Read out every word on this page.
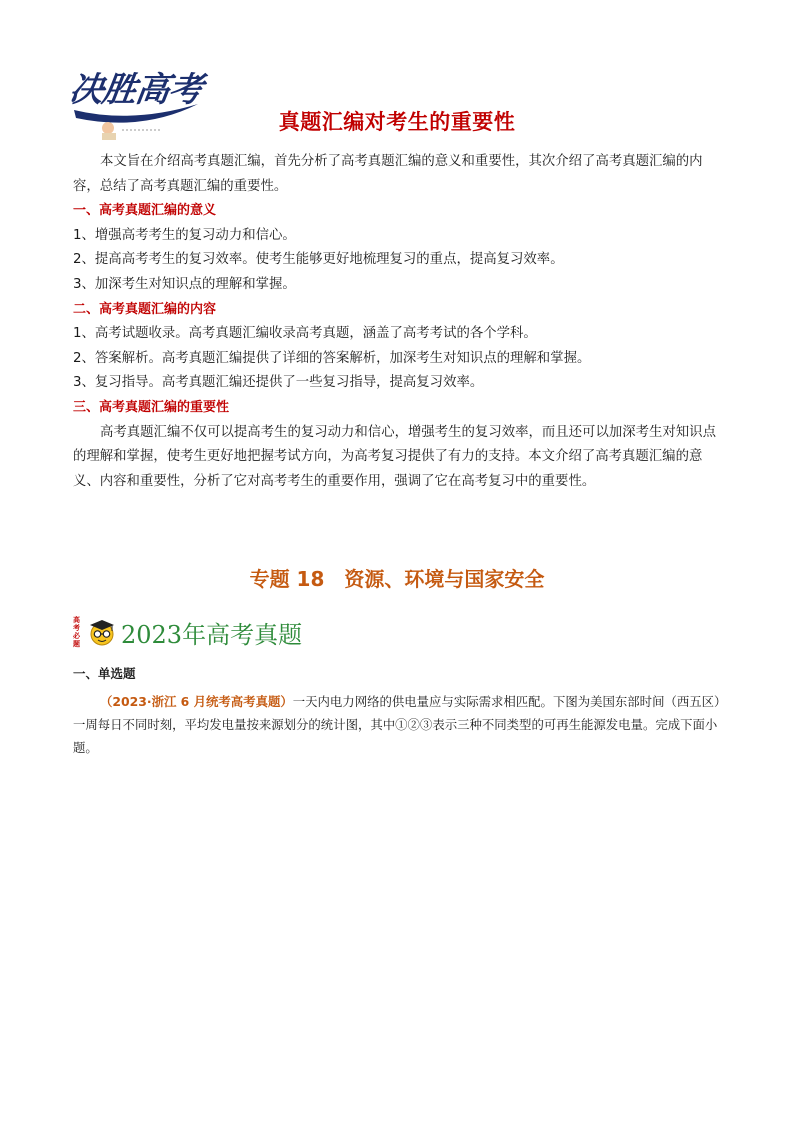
决胜高考
真题汇编对考生的重要性

本文旨在介绍高考真题汇编，首先分析了高考真题汇编的意义和重要性，其次介绍了高考真题汇编的内容，总结了高考真题汇编的重要性。

一、高考真题汇编的意义

1、增强高考考生的复习动力和信心。

2、提高高考考生的复习效率。使考生能够更好地梳理复习的重点，提高复习效率。

3、加深考生对知识点的理解和掌握。

二、高考真题汇编的内容

1、高考试题收录。高考真题汇编收录高考真题，涵盖了高考考试的各个学科。

2、答案解析。高考真题汇编提供了详细的答案解析，加深考生对知识点的理解和掌握。

3、复习指导。高考真题汇编还提供了一些复习指导，提高复习效率。

三、高考真题汇编的重要性

高考真题汇编不仅可以提高考生的复习动力和信心，增强考生的复习效率，而且还可以加深考生对知识点的理解和掌握，使考生更好地把握考试方向，为高考复习提供了有力的支持。本文介绍了高考真题汇编的意义、内容和重要性，分析了它对高考考生的重要作用，强调了它在高考复习中的重要性。

专题 18　资源、环境与国家安全
高考必题 2023年高考真题
一、单选题

（2023·浙江 6 月统考高考真题）一天内电力网络的供电量应与实际需求相匹配。下图为美国东部时间（西五区）一周每日不同时刻，平均发电量按来源划分的统计图，其中①②③表示三种不同类型的可再生能源发电量。完成下面小题。
